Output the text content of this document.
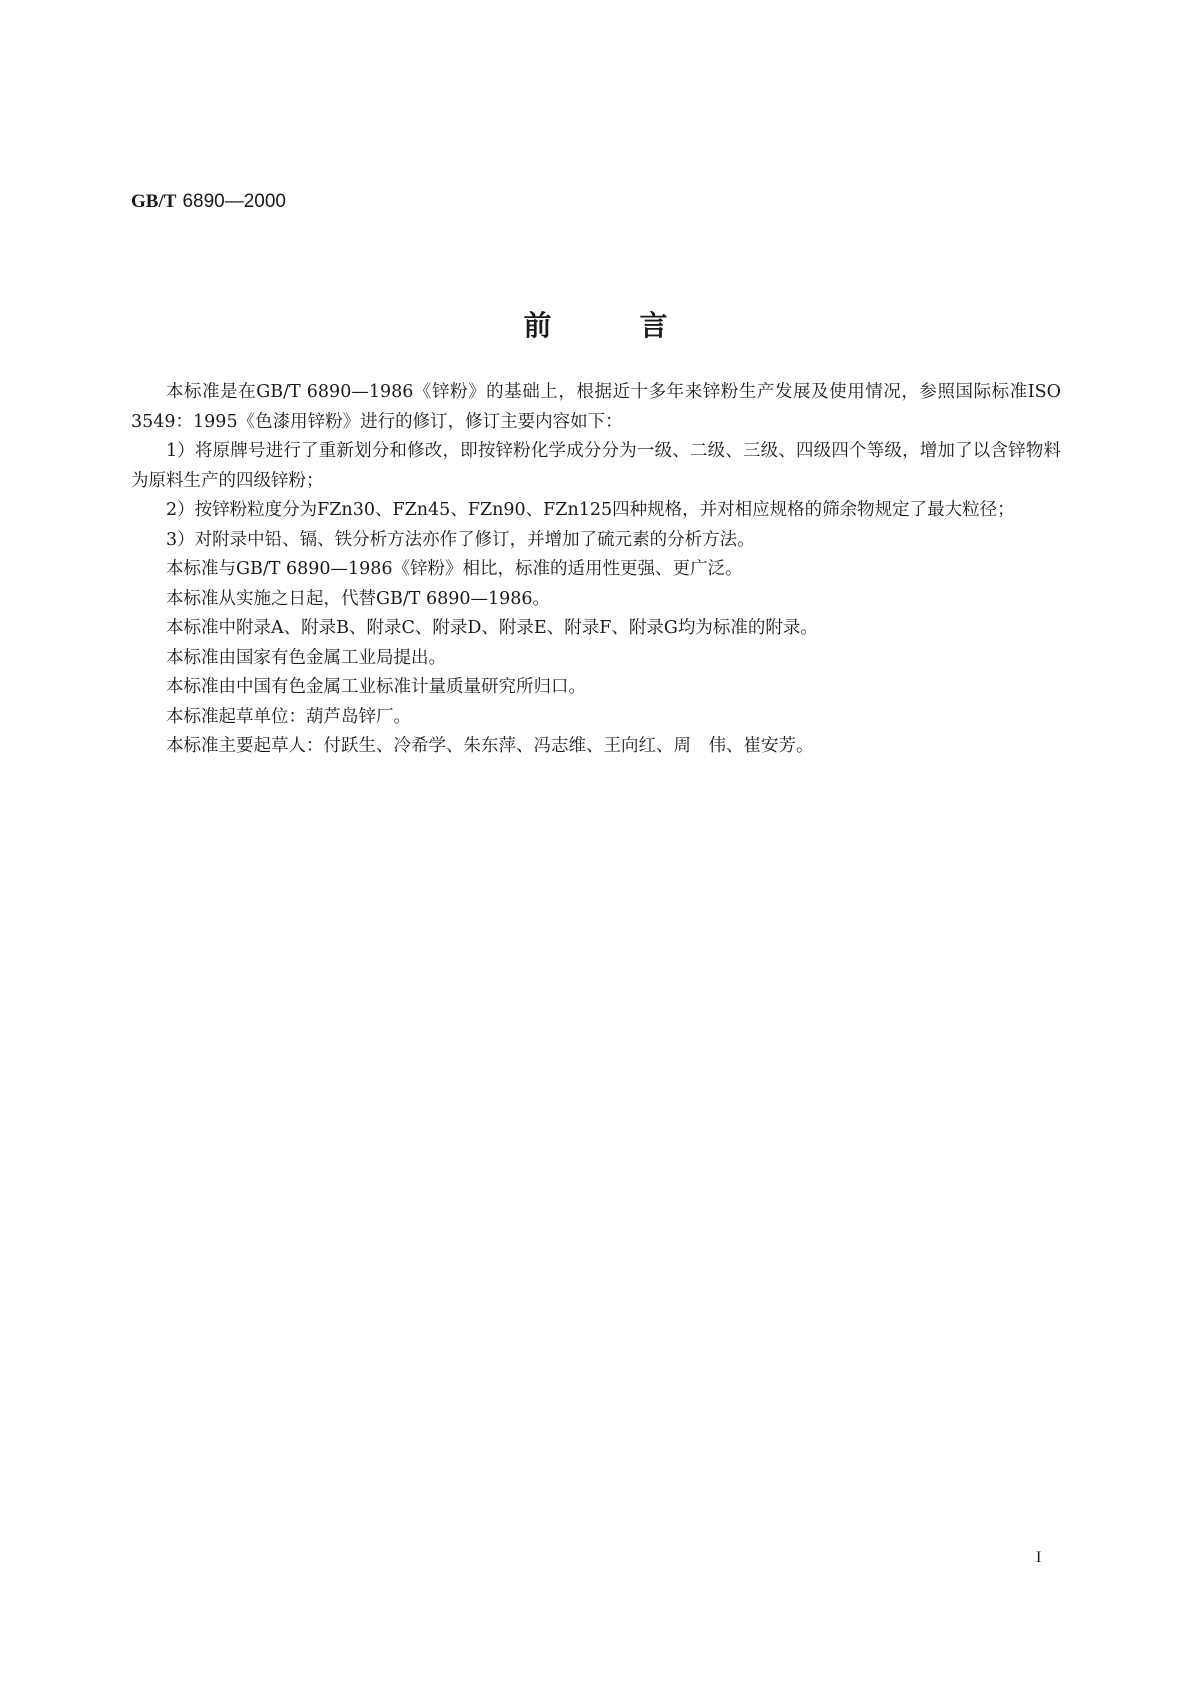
GB/T 6890—2000
前	言

本标准是在GB/T 6890—1986《锌粉》的基础上，根据近十多年来锌粉生产发展及使用情况，参照国际标准ISO 3549：1995《色漆用锌粉》进行的修订，修订主要内容如下：

1）将原牌号进行了重新划分和修改，即按锌粉化学成分分为一级、二级、三级、四级四个等级，增加了以含锌物料为原料生产的四级锌粉；

2）按锌粉粒度分为FZn30、FZn45、FZn90、FZn125四种规格，并对相应规格的筛余物规定了最大粒径；

3）对附录中铅、镉、铁分析方法亦作了修订，并增加了硫元素的分析方法。

本标准与GB/T 6890—1986《锌粉》相比，标准的适用性更强、更广泛。

本标准从实施之日起，代替GB/T 6890—1986。

本标准中附录A、附录B、附录C、附录D、附录E、附录F、附录G均为标准的附录。

本标准由国家有色金属工业局提出。

本标准由中国有色金属工业标准计量质量研究所归口。

本标准起草单位：葫芦岛锌厂。

本标准主要起草人：付跃生、冷希学、朱东萍、冯志维、王向红、周　伟、崔安芳。

I
